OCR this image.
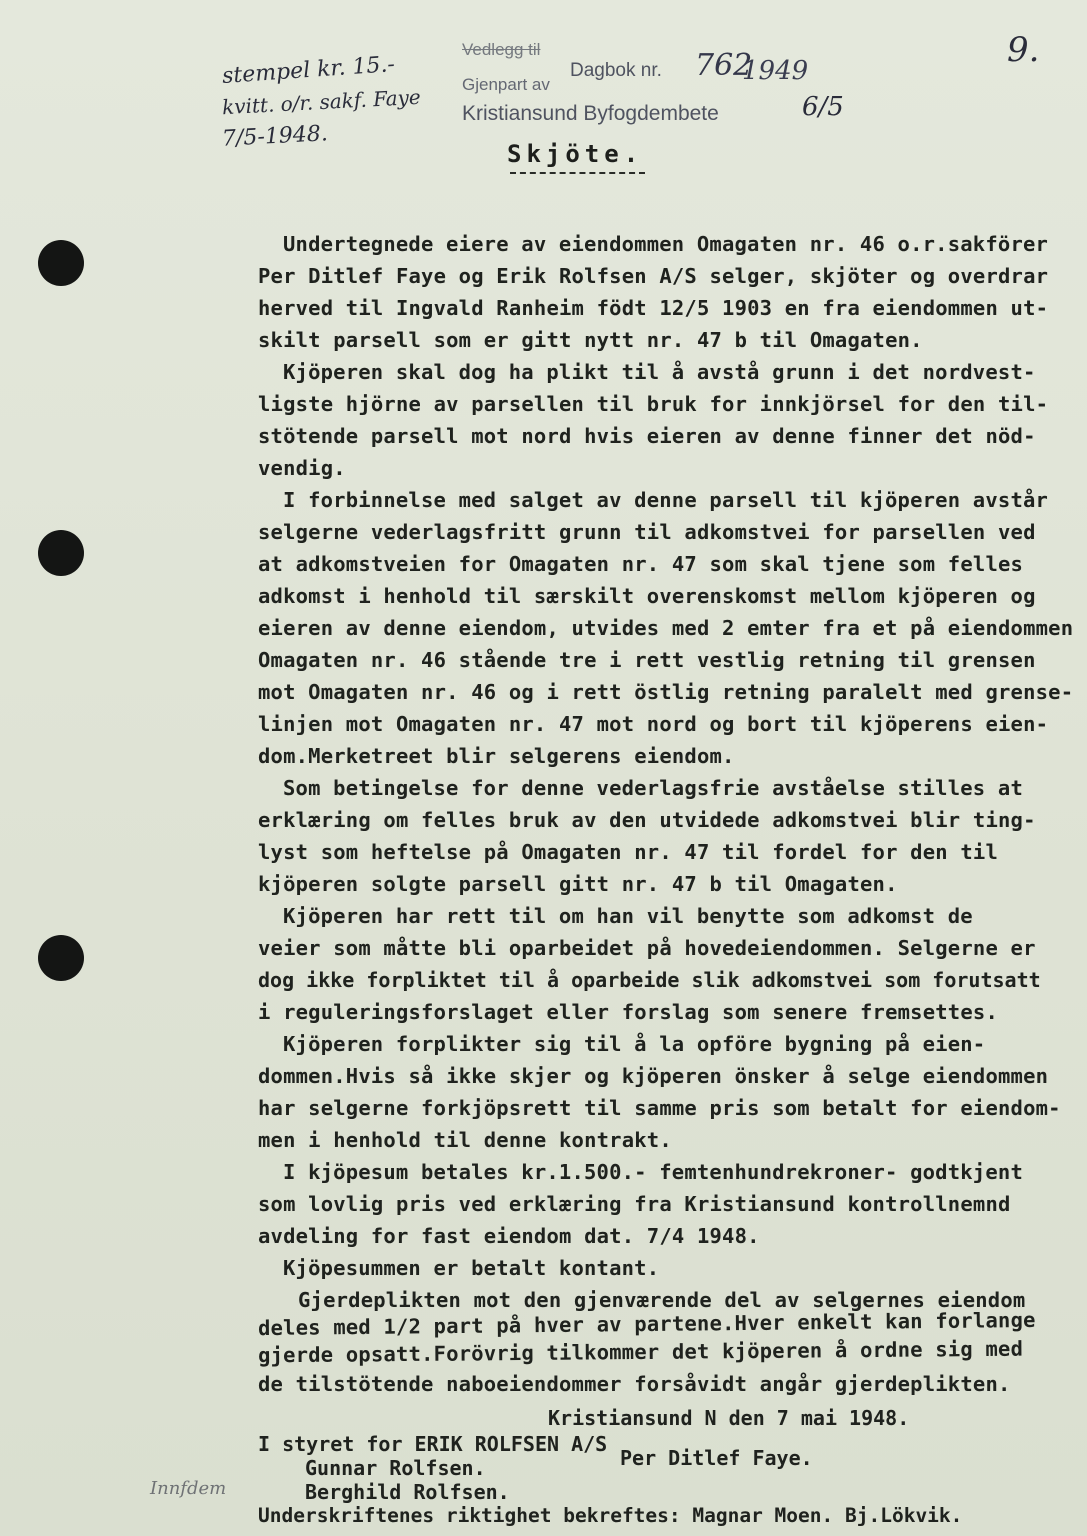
stempel kr. 15.-
kvitt. o/r. sakf. Faye
7/5-1948.
Vedlegg til
Dagbok nr.
Gjenpart av
Kristiansund Byfogdembete
762
1949
6/5
9.
Skjöte.
Undertegnede eiere av eiendommen Omagaten nr. 46 o.r.sakförer
Per Ditlef Faye og Erik Rolfsen A/S selger, skjöter og overdrar
herved til Ingvald Ranheim födt 12/5 1903 en fra eiendommen ut-
skilt parsell som er gitt nytt nr. 47 b til Omagaten.
Kjöperen skal dog ha plikt til å avstå grunn i det nordvest-
ligste hjörne av parsellen til bruk for innkjörsel for den til-
stötende parsell mot nord hvis eieren av denne finner det nöd-
vendig.
I forbinnelse med salget av denne parsell til kjöperen avstår
selgerne vederlagsfritt grunn til adkomstvei for parsellen ved
at adkomstveien for Omagaten nr. 47 som skal tjene som felles
adkomst i henhold til særskilt overenskomst mellom kjöperen og
eieren av denne eiendom, utvides med 2 emter fra et på eiendommen
Omagaten nr. 46 stående tre i rett vestlig retning til grensen
mot Omagaten nr. 46 og i rett östlig retning paralelt med grense-
linjen mot Omagaten nr. 47 mot nord og bort til kjöperens eien-
dom.Merketreet blir selgerens eiendom.
Som betingelse for denne vederlagsfrie avståelse stilles at
erklæring om felles bruk av den utvidede adkomstvei blir ting-
lyst som heftelse på Omagaten nr. 47 til fordel for den til
kjöperen solgte parsell gitt nr. 47 b til Omagaten.
Kjöperen har rett til om han vil benytte som adkomst de
veier som måtte bli oparbeidet på hovedeiendommen. Selgerne er
dog ikke forpliktet til å oparbeide slik adkomstvei som forutsatt
i reguleringsforslaget eller forslag som senere fremsettes.
Kjöperen forplikter sig til å la opföre bygning på eien-
dommen.Hvis så ikke skjer og kjöperen önsker å selge eiendommen
har selgerne forkjöpsrett til samme pris som betalt for eiendom-
men i henhold til denne kontrakt.
I kjöpesum betales kr.1.500.- femtenhundrekroner- godtkjent
som lovlig pris ved erklæring fra Kristiansund kontrollnemnd
avdeling for fast eiendom dat. 7/4 1948.
Kjöpesummen er betalt kontant.
Gjerdeplikten mot den gjenværende del av selgernes eiendom
deles med 1/2 part på hver av partene.Hver enkelt kan forlange
gjerde opsatt.Forövrig tilkommer det kjöperen å ordne sig med
de tilstötende naboeiendommer forsåvidt angår gjerdeplikten.
Kristiansund N den 7 mai 1948.
I styret for ERIK ROLFSEN A/S
Per Ditlef Faye.
Gunnar Rolfsen.
Berghild Rolfsen.
Innfdem
Underskriftenes riktighet bekreftes: Magnar Moen. Bj.Lökvik.
